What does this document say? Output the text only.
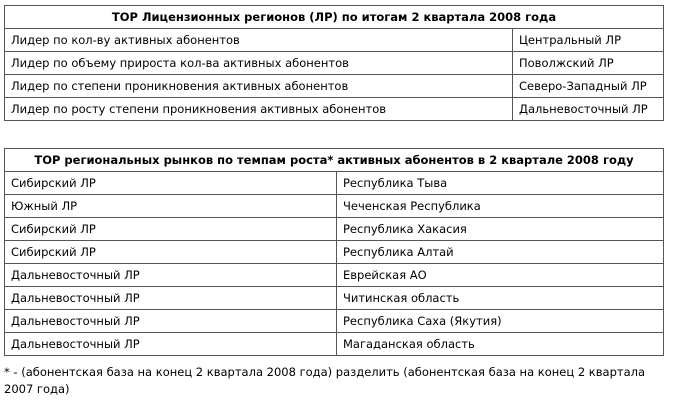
TOP Лицензионных регионов (ЛР) по итогам 2 квартала 2008 года	
Лидер по кол-ву активных абонентов	Центральный ЛР
Лидер по объему прироста кол-ва активных абонентов	Поволжский ЛР
Лидер по степени проникновения активных абонентов	Северо-Западный ЛР
Лидер по росту степени проникновения активных абонентов	Дальневосточный ЛР
TOP региональных рынков по темпам роста* активных абонентов в 2 квартале 2008 году	
Сибирский ЛР	Республика Тыва
Южный ЛР	Чеченская Республика
Сибирский ЛР	Республика Хакасия
Сибирский ЛР	Республика Алтай
Дальневосточный ЛР	Еврейская АО
Дальневосточный ЛР	Читинская область
Дальневосточный ЛР	Республика Саха (Якутия)
Дальневосточный ЛР	Магаданская область
* - (абонентская база на конец 2 квартала 2008 года) разделить (абонентская база на конец 2 квартала 2007 года)
